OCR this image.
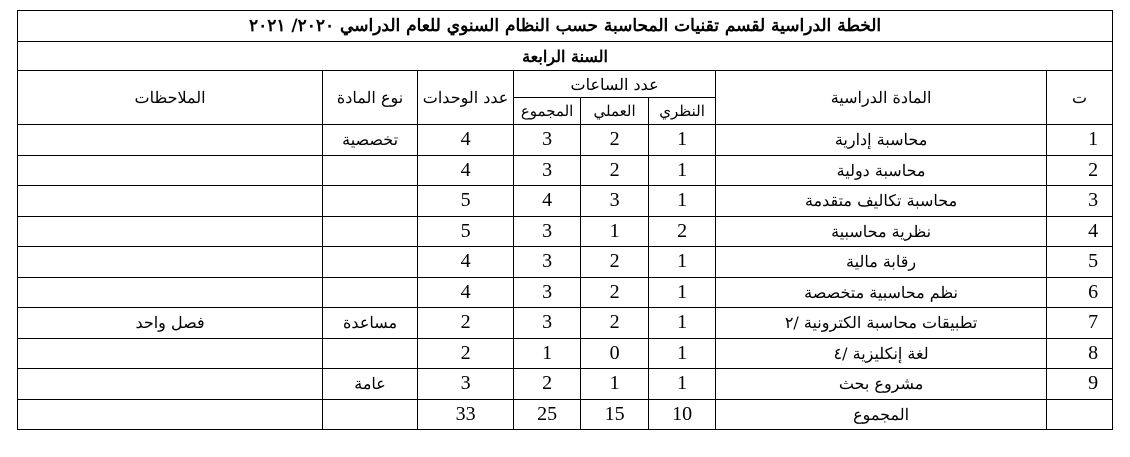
الخطة الدراسية لقسم تقنيات المحاسبة حسب النظام السنوي للعام الدراسي ٢٠٢٠/ ٢٠٢١							
السنة الرابعة							
ت	المادة الدراسية	عدد الساعات			عدد الوحدات	نوع المادة	الملاحظات
		النظري	العملي	المجموع			
1	محاسبة إدارية	1	2	3	4	تخصصية	
2	محاسبة دولية	1	2	3	4		
3	محاسبة تكاليف متقدمة	1	3	4	5		
4	نظرية محاسبية	2	1	3	5		
5	رقابة مالية	1	2	3	4		
6	نظم محاسبية متخصصة	1	2	3	4		
7	تطبيقات محاسبة الكترونية /٢	1	2	3	2	مساعدة	فصل واحد
8	لغة إنكليزية /٤	1	0	1	2		
9	مشروع بحث	1	1	2	3	عامة	
	المجموع	10	15	25	33		
